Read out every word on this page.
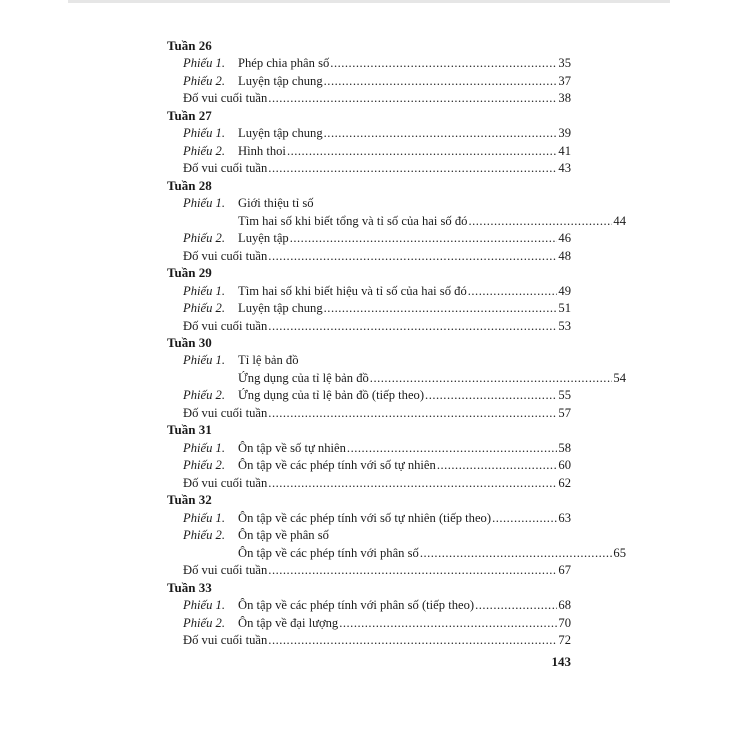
Tuần 26
Phiếu 1.	Phép chia phân số .....	35
Phiếu 2.	Luyện tập chung .....	37
Đố vui cuối tuần .....	38
Tuần 27
Phiếu 1.	Luyện tập chung .....	39
Phiếu 2.	Hình thoi .....	41
Đố vui cuối tuần .....	43
Tuần 28
Phiếu 1.	Giới thiệu tỉ số
Tìm hai số khi biết tổng và tỉ số của hai số đó .....	44
Phiếu 2.	Luyện tập .....	46
Đố vui cuối tuần .....	48
Tuần 29
Phiếu 1.	Tìm hai số khi biết hiệu và tỉ số của hai số đó .....	49
Phiếu 2.	Luyện tập chung .....	51
Đố vui cuối tuần .....	53
Tuần 30
Phiếu 1.	Tỉ lệ bản đồ
Ứng dụng của tỉ lệ bản đồ .....	54
Phiếu 2.	Ứng dụng của tỉ lệ bản đồ (tiếp theo) .....	55
Đố vui cuối tuần .....	57
Tuần 31
Phiếu 1.	Ôn tập về số tự nhiên .....	58
Phiếu 2.	Ôn tập về các phép tính với số tự nhiên .....	60
Đố vui cuối tuần .....	62
Tuần 32
Phiếu 1.	Ôn tập về các phép tính với số tự nhiên (tiếp theo) .....	63
Phiếu 2.	Ôn tập về phân số
Ôn tập về các phép tính với phân số .....	65
Đố vui cuối tuần .....	67
Tuần 33
Phiếu 1.	Ôn tập về các phép tính với phân số (tiếp theo) .....	68
Phiếu 2.	Ôn tập về đại lượng .....	70
Đố vui cuối tuần .....	72
143
